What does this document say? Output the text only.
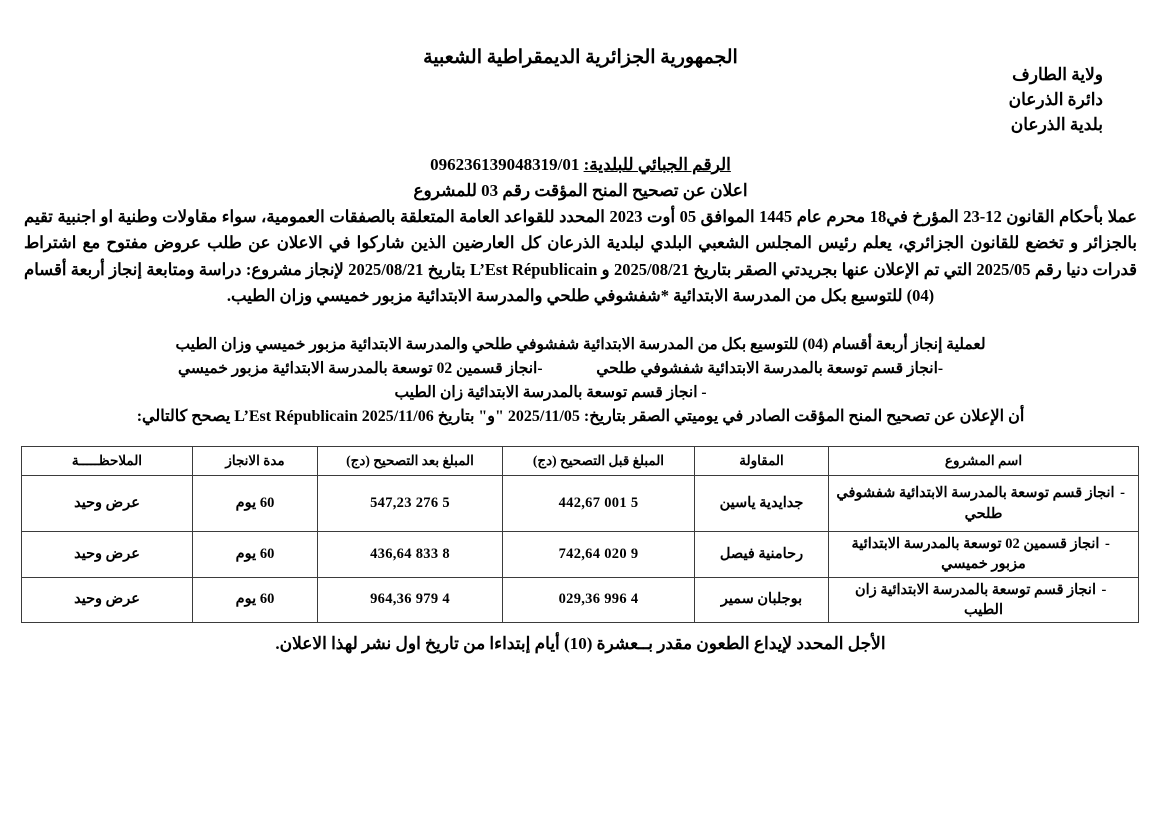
الجمهورية الجزائرية الديمقراطية الشعبية
ولاية الطارف
دائرة الذرعان
بلدية الذرعان
الرقم الجبائي للبلدية: 096236139048319/01
اعلان عن تصحيح المنح المؤقت رقم 03 للمشروع
عملا بأحكام القانون 12-23 المؤرخ في18 محرم عام 1445 الموافق 05 أوت 2023 المحدد للقواعد العامة المتعلقة بالصفقات العمومية، سواء مقاولات وطنية او اجنبية تقيم بالجزائر و تخضع للقانون الجزائري، يعلم رئيس المجلس الشعبي البلدي لبلدية الذرعان كل العارضين الذين شاركوا في الاعلان عن طلب عروض مفتوح مع اشتراط قدرات دنيا رقم 2025/05 التي تم الإعلان عنها بجريدتي الصقر بتاريخ 2025/08/21 و L’Est Républicain بتاريخ 2025/08/21 لإنجاز مشروع: دراسة ومتابعة إنجاز أربعة أقسام (04) للتوسيع بكل من المدرسة الابتدائية *شفشوفي طلحي والمدرسة الابتدائية مزبور خميسي وزان الطيب.
لعملية إنجاز أربعة أقسام (04) للتوسيع بكل من المدرسة الابتدائية شفشوفي طلحي والمدرسة الابتدائية مزبور خميسي وزان الطيب
-انجاز قسم توسعة بالمدرسة الابتدائية شفشوفي طلحي  -انجاز قسمين 02 توسعة بالمدرسة الابتدائية مزبور خميسي
- انجاز قسم توسعة بالمدرسة الابتدائية زان الطيب
أن الإعلان عن تصحيح المنح المؤقت الصادر في يوميتي الصقر بتاريخ: 2025/11/05 "و" بتاريخ 2025/11/06 L’Est Républicain يصحح كالتالي:
اسم المشروع	المقاولة	المبلغ قبل التصحيح (دج)	المبلغ بعد التصحيح (دج)	مدة الانجاز	الملاحظـــــة
-انجاز قسم توسعة بالمدرسة الابتدائية شفشوفي طلحي	جدايدية ياسين	5 001 442,67	5 276 547,23	60 يوم	عرض وحيد
-انجاز قسمين 02 توسعة بالمدرسة الابتدائية مزبور خميسي	رحامنية فيصل	9 020 742,64	8 833 436,64	60 يوم	عرض وحيد
-انجاز قسم توسعة بالمدرسة الابتدائية زان الطيب	بوجلبان سمير	4 996 029,36	4 979 964,36	60 يوم	عرض وحيد
الأجل المحدد لإيداع الطعون مقدر بــعشرة (10) أيام إبتداءا من تاريخ اول نشر لهذا الاعلان.
